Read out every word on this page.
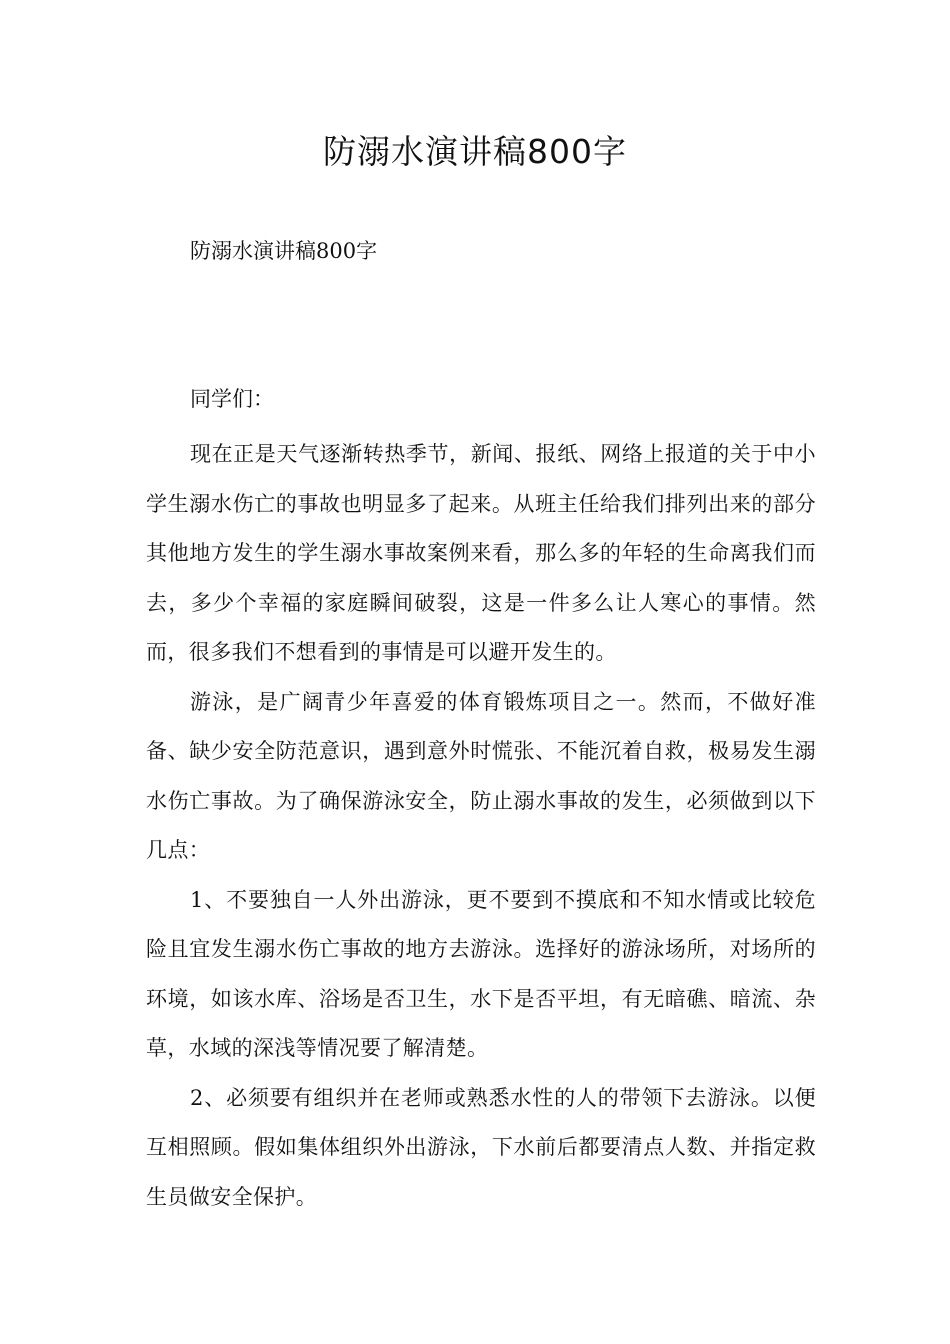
防溺水演讲稿800字

防溺水演讲稿800字

同学们：

现在正是天气逐渐转热季节，新闻、报纸、网络上报道的关于中小学生溺水伤亡的事故也明显多了起来。从班主任给我们排列出来的部分其他地方发生的学生溺水事故案例来看，那么多的年轻的生命离我们而去，多少个幸福的家庭瞬间破裂，这是一件多么让人寒心的事情。然而，很多我们不想看到的事情是可以避开发生的。

游泳，是广阔青少年喜爱的体育锻炼项目之一。然而，不做好准备、缺少安全防范意识，遇到意外时慌张、不能沉着自救，极易发生溺水伤亡事故。为了确保游泳安全，防止溺水事故的发生，必须做到以下几点：

1、不要独自一人外出游泳，更不要到不摸底和不知水情或比较危险且宜发生溺水伤亡事故的地方去游泳。选择好的游泳场所，对场所的环境，如该水库、浴场是否卫生，水下是否平坦，有无暗礁、暗流、杂草，水域的深浅等情况要了解清楚。

2、必须要有组织并在老师或熟悉水性的人的带领下去游泳。以便互相照顾。假如集体组织外出游泳，下水前后都要清点人数、并指定救生员做安全保护。
